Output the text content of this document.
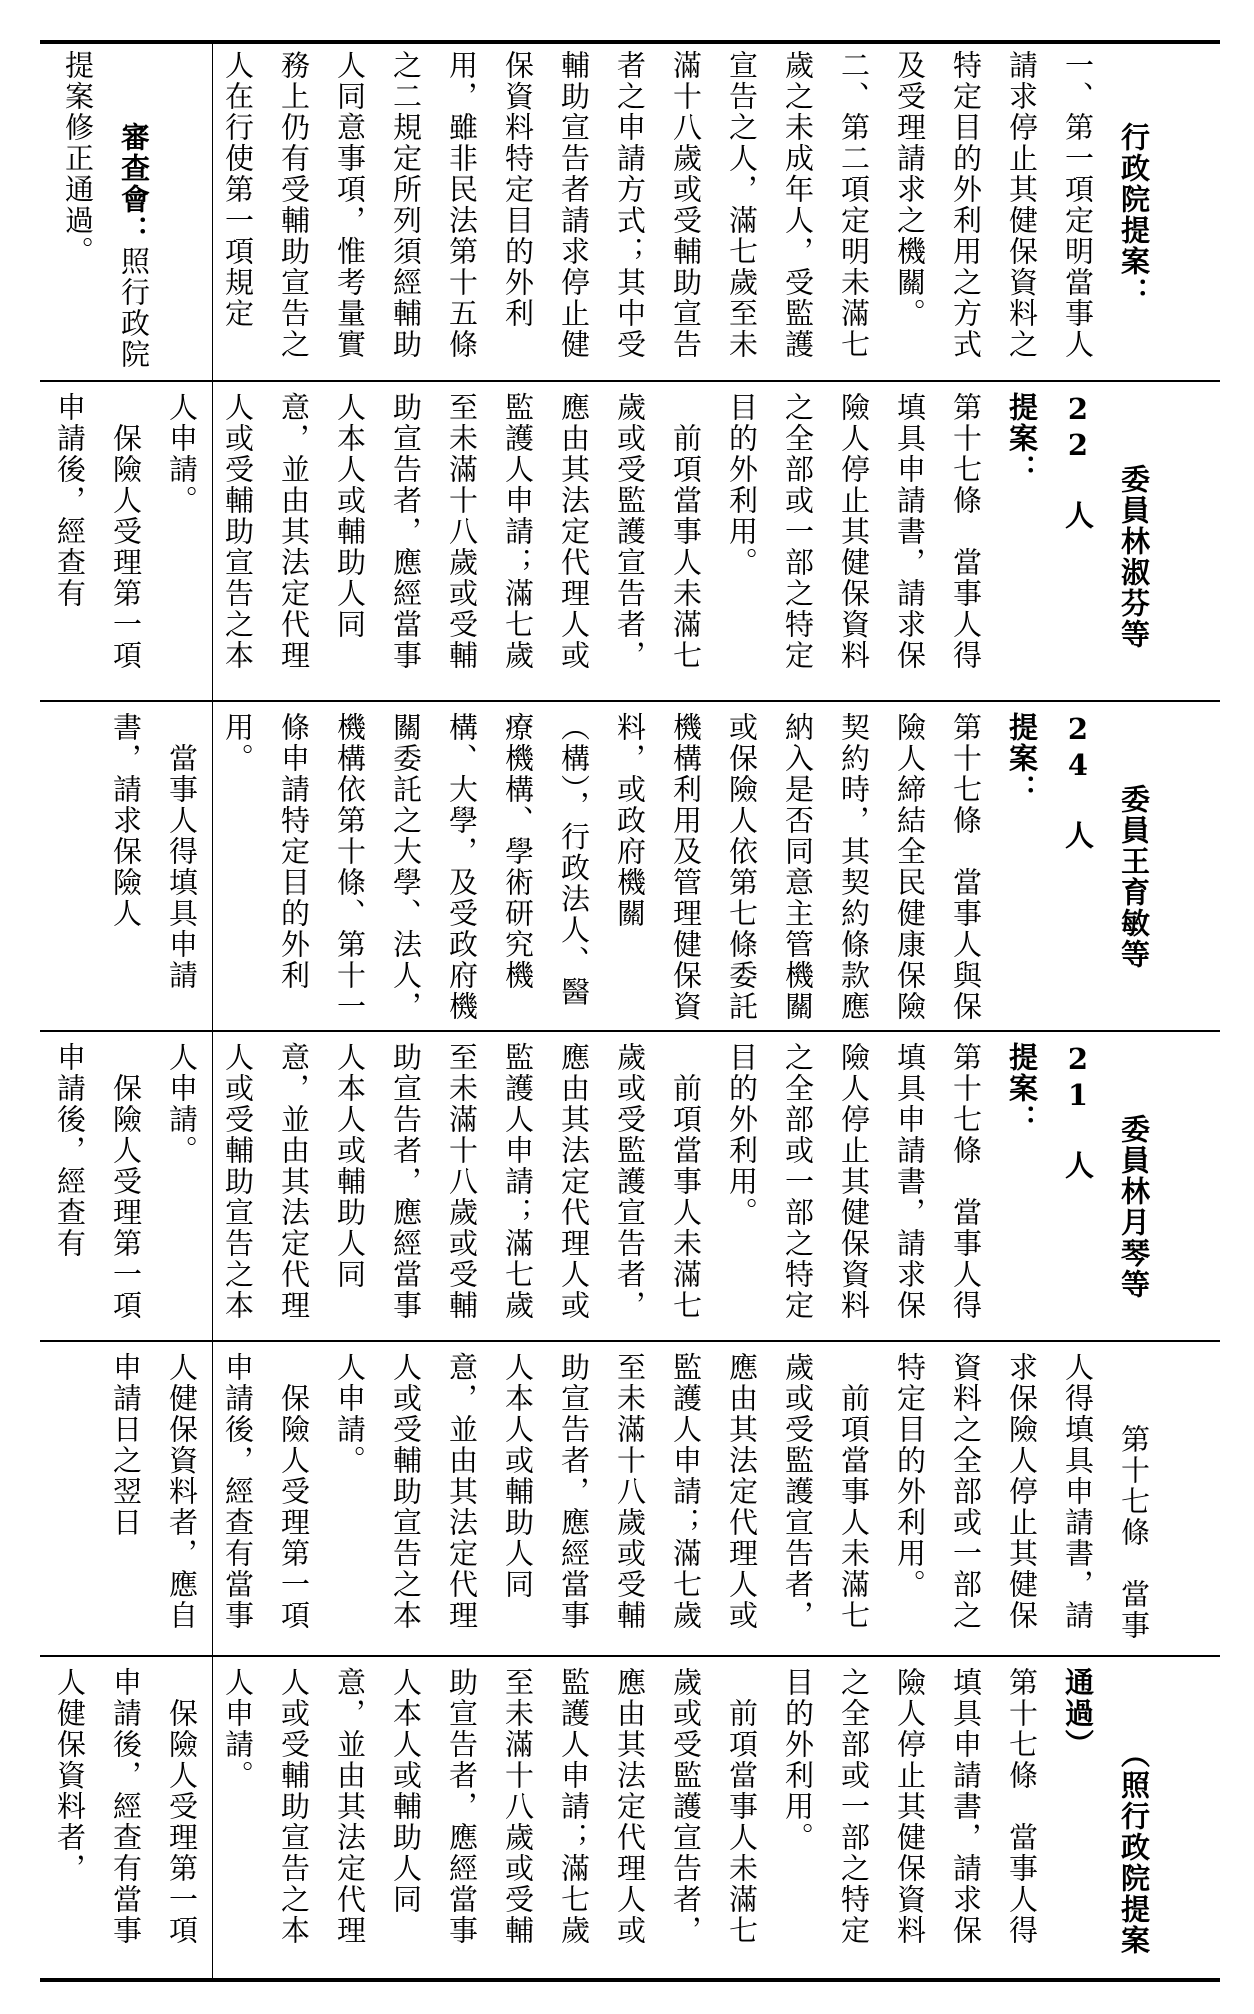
審查會：照行政院提案修正通過。	行政院提案：
一、第一項定明當事人請求停止其健保資料之特定目的外利用之方式及受理請求之機關。
二、第二項定明未滿七歲之未成年人，受監護宣告之人，滿七歲至未滿十八歲或受輔助宣告者之申請方式；其中受輔助宣告者請求停止健保資料特定目的外利用，雖非民法第十五條之二規定所列須經輔助人同意事項，惟考量實務上仍有受輔助宣告之人在行使第一項規定

委員林淑芬等 22 人
提案：
第十七條　當事人得填具申請書，請求保險人停止其健保資料之全部或一部之特定目的外利用。
　前項當事人未滿七歲或受監護宣告者，應由其法定代理人或監護人申請；滿七歲至未滿十八歲或受輔助宣告者，應經當事人本人或輔助人同意，並由其法定代理人或受輔助宣告之本人申請。
　保險人受理第一項申請後，經查有

委員王育敏等 24 人
提案：
第十七條　當事人與保險人締結全民健康保險契約時，其契約條款應納入是否同意主管機關或保險人依第七條委託機構利用及管理健保資料，或政府機關（構），行政法人、醫療機構、學術研究機構、大學，及受政府機關委託之大學、法人，機構依第十條、第十一條申請特定目的外利用。
　當事人得填具申請書，請求保險人

委員林月琴等 21 人
提案：
第十七條　當事人得填具申請書，請求保險人停止其健保資料之全部或一部之特定目的外利用。
　前項當事人未滿七歲或受監護宣告者，應由其法定代理人或監護人申請；滿七歲至未滿十八歲或受輔助宣告者，應經當事人本人或輔助人同意，並由其法定代理人或受輔助宣告之本人申請。
　保險人受理第一項申請後，經查有

第十七條　當事人得填具申請書，請求保險人停止其健保資料之全部或一部之特定目的外利用。
　前項當事人未滿七歲或受監護宣告者，應由其法定代理人或監護人申請；滿七歲至未滿十八歲或受輔助宣告者，應經當事人本人或輔助人同意，並由其法定代理人或受輔助宣告之本人申請。
　保險人受理第一項申請後，經查有當事人健保資料者，應自申請日之翌日

（照行政院提案通過）
第十七條　當事人得填具申請書，請求保險人停止其健保資料之全部或一部之特定目的外利用。
　前項當事人未滿七歲或受監護宣告者，應由其法定代理人或監護人申請；滿七歲至未滿十八歲或受輔助宣告者，應經當事人本人或輔助人同意，並由其法定代理人或受輔助宣告之本人申請。
　保險人受理第一項申請後，經查有當事人健保資料者，
